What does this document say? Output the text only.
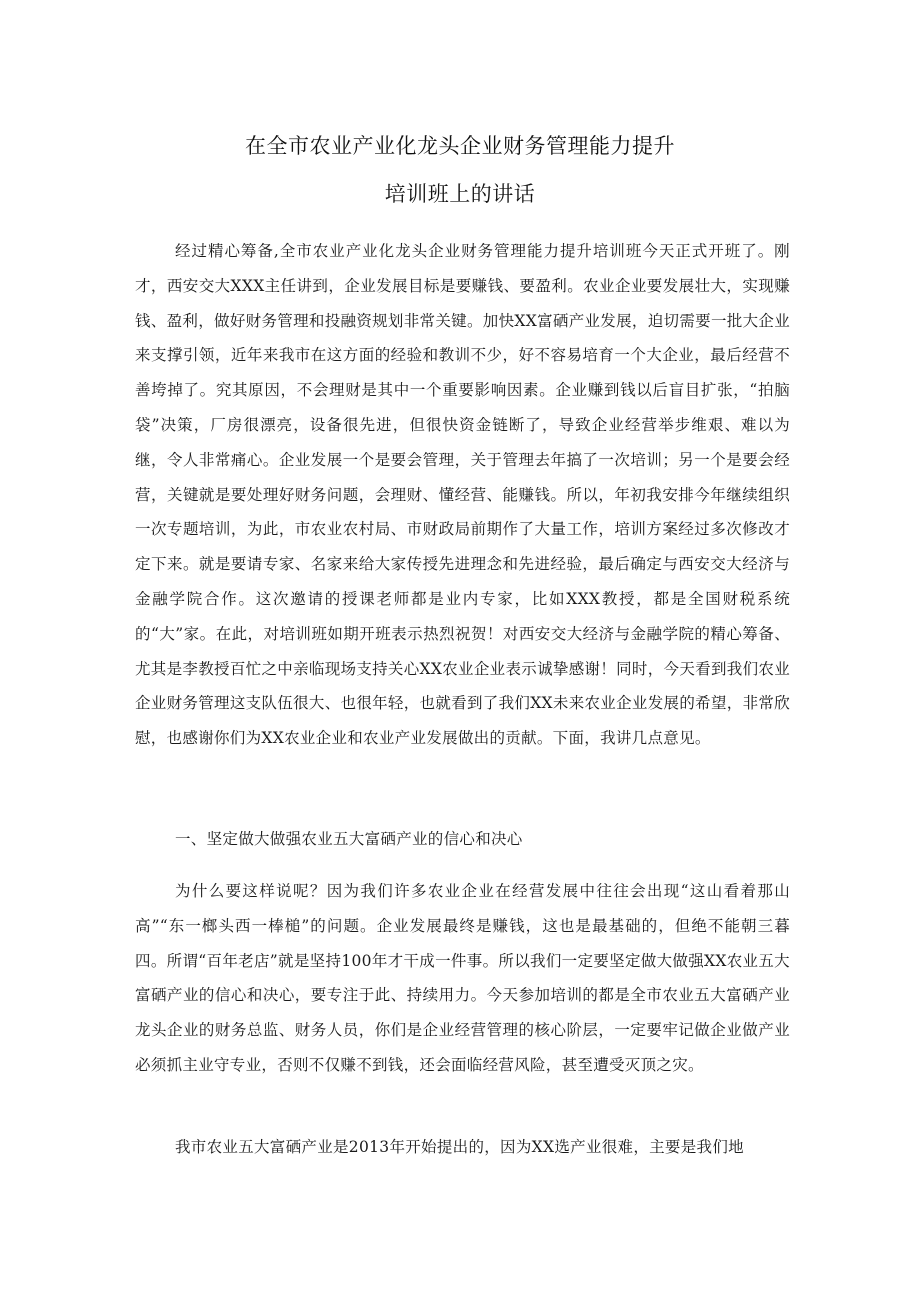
在全市农业产业化龙头企业财务管理能力提升
培训班上的讲话

经过精心筹备,全市农业产业化龙头企业财务管理能力提升培训班今天正式开班了。刚才，西安交大XXX主任讲到，企业发展目标是要赚钱、要盈利。农业企业要发展壮大，实现赚钱、盈利，做好财务管理和投融资规划非常关键。加快XX富硒产业发展，迫切需要一批大企业来支撑引领，近年来我市在这方面的经验和教训不少，好不容易培育一个大企业，最后经营不善垮掉了。究其原因，不会理财是其中一个重要影响因素。企业赚到钱以后盲目扩张，“拍脑袋”决策，厂房很漂亮，设备很先进，但很快资金链断了，导致企业经营举步维艰、难以为继，令人非常痛心。企业发展一个是要会管理，关于管理去年搞了一次培训；另一个是要会经营，关键就是要处理好财务问题，会理财、懂经营、能赚钱。所以，年初我安排今年继续组织一次专题培训，为此，市农业农村局、市财政局前期作了大量工作，培训方案经过多次修改才定下来。就是要请专家、名家来给大家传授先进理念和先进经验，最后确定与西安交大经济与金融学院合作。这次邀请的授课老师都是业内专家，比如XXX教授，都是全国财税系统的“大”家。在此，对培训班如期开班表示热烈祝贺！对西安交大经济与金融学院的精心筹备、尤其是李教授百忙之中亲临现场支持关心XX农业企业表示诚挚感谢！同时，今天看到我们农业企业财务管理这支队伍很大、也很年轻，也就看到了我们XX未来农业企业发展的希望，非常欣慰，也感谢你们为XX农业企业和农业产业发展做出的贡献。下面，我讲几点意见。

一、坚定做大做强农业五大富硒产业的信心和决心

为什么要这样说呢？因为我们许多农业企业在经营发展中往往会出现“这山看着那山高”“东一榔头西一棒槌”的问题。企业发展最终是赚钱，这也是最基础的，但绝不能朝三暮四。所谓“百年老店”就是坚持100年才干成一件事。所以我们一定要坚定做大做强XX农业五大富硒产业的信心和决心，要专注于此、持续用力。今天参加培训的都是全市农业五大富硒产业龙头企业的财务总监、财务人员，你们是企业经营管理的核心阶层，一定要牢记做企业做产业必须抓主业守专业，否则不仅赚不到钱，还会面临经营风险，甚至遭受灭顶之灾。

我市农业五大富硒产业是2013年开始提出的，因为XX选产业很难，主要是我们地
